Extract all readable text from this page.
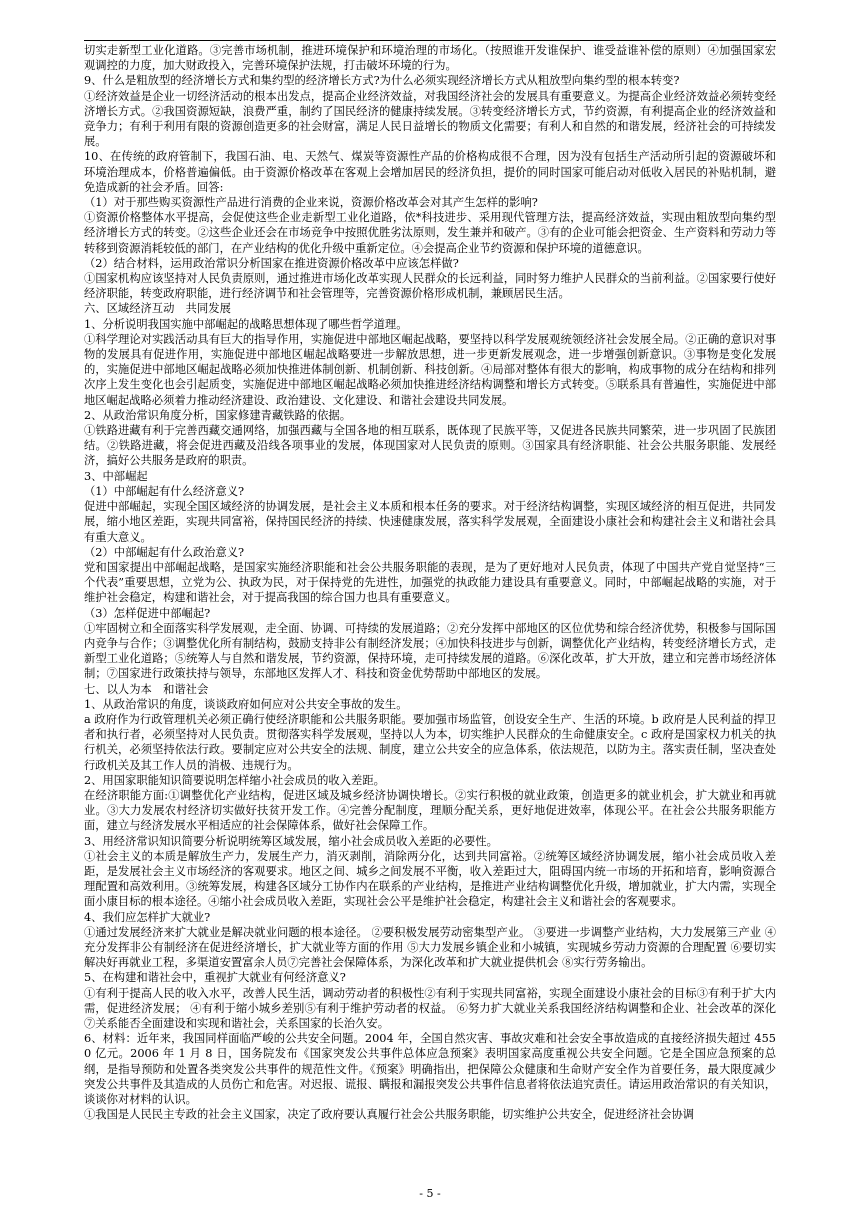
切实走新型工业化道路。③完善市场机制，推进环境保护和环境治理的市场化。（按照谁开发谁保护、谁受益谁补偿的原则）④加强国家宏观调控的力度，加大财政投入，完善环境保护法规，打击破坏环境的行为。

9、什么是粗放型的经济增长方式和集约型的经济增长方式?为什么必须实现经济增长方式从粗放型向集约型的根本转变?

①经济效益是企业一切经济活动的根本出发点，提高企业经济效益，对我国经济社会的发展具有重要意义。为提高企业经济效益必须转变经济增长方式。②我国资源短缺，浪费严重，制约了国民经济的健康持续发展。③转变经济增长方式，节约资源，有利提高企业的经济效益和竞争力；有利于利用有限的资源创造更多的社会财富，满足人民日益增长的物质文化需要；有利人和自然的和谐发展，经济社会的可持续发展。

10、在传统的政府管制下，我国石油、电、天然气、煤炭等资源性产品的价格构成很不合理，因为没有包括生产活动所引起的资源破坏和环境治理成本，价格普遍偏低。由于资源价格改革在客观上会增加居民的经济负担，提价的同时国家可能启动对低收入居民的补贴机制，避免造成新的社会矛盾。回答:

（1）对于那些购买资源性产品进行消费的企业来说，资源价格改革会对其产生怎样的影响?

①资源价格整体水平提高，会促使这些企业走新型工业化道路，依*科技进步、采用现代管理方法，提高经济效益，实现由粗放型向集约型经济增长方式的转变。②这些企业还会在市场竞争中按照优胜劣汰原则，发生兼并和破产。③有的企业可能会把资金、生产资料和劳动力等转移到资源消耗较低的部门，在产业结构的优化升级中重新定位。④会提高企业节约资源和保护环境的道德意识。

（2）结合材料，运用政治常识分析国家在推进资源价格改革中应该怎样做?

①国家机构应该坚持对人民负责原则，通过推进市场化改革实现人民群众的长远利益，同时努力维护人民群众的当前利益。②国家要行使好经济职能，转变政府职能，进行经济调节和社会管理等，完善资源价格形成机制，兼顾居民生活。

六、区域经济互动　共同发展

1、分析说明我国实施中部崛起的战略思想体现了哪些哲学道理。

①科学理论对实践活动具有巨大的指导作用，实施促进中部地区崛起战略，要坚持以科学发展观统领经济社会发展全局。②正确的意识对事物的发展具有促进作用，实施促进中部地区崛起战略要进一步解放思想，进一步更新发展观念，进一步增强创新意识。③事物是变化发展的，实施促进中部地区崛起战略必须加快推进体制创新、机制创新、科技创新。④局部对整体有很大的影响，构成事物的成分在结构和排列次序上发生变化也会引起质变，实施促进中部地区崛起战略必须加快推进经济结构调整和增长方式转变。⑤联系具有普遍性，实施促进中部地区崛起战略必须着力推动经济建设、政治建设、文化建设、和谐社会建设共同发展。

2、从政治常识角度分析，国家修建青藏铁路的依据。

①铁路进藏有利于完善西藏交通网络，加强西藏与全国各地的相互联系，既体现了民族平等，又促进各民族共同繁荣，进一步巩固了民族团结。②铁路进藏，将会促进西藏及沿线各项事业的发展，体现国家对人民负责的原则。③国家具有经济职能、社会公共服务职能、发展经济，搞好公共服务是政府的职责。

3、中部崛起

（1）中部崛起有什么经济意义?

促进中部崛起，实现全国区域经济的协调发展，是社会主义本质和根本任务的要求。对于经济结构调整，实现区域经济的相互促进，共同发展，缩小地区差距，实现共同富裕，保持国民经济的持续、快速健康发展，落实科学发展观，全面建设小康社会和构建社会主义和谐社会具有重大意义。

（2）中部崛起有什么政治意义?

党和国家提出中部崛起战略，是国家实施经济职能和社会公共服务职能的表现，是为了更好地对人民负责，体现了中国共产党自觉坚持“三个代表”重要思想，立党为公、执政为民，对于保持党的先进性，加强党的执政能力建设具有重要意义。同时，中部崛起战略的实施，对于维护社会稳定，构建和谐社会，对于提高我国的综合国力也具有重要意义。

（3）怎样促进中部崛起?

①牢固树立和全面落实科学发展观，走全面、协调、可持续的发展道路；②充分发挥中部地区的区位优势和综合经济优势，积极参与国际国内竞争与合作；③调整优化所有制结构，鼓励支持非公有制经济发展；④加快科技进步与创新，调整优化产业结构，转变经济增长方式，走新型工业化道路；⑤统筹人与自然和谐发展，节约资源，保持环境，走可持续发展的道路。⑥深化改革，扩大开放，建立和完善市场经济体制；⑦国家进行政策扶持与领导，东部地区发挥人才、科技和资金优势帮助中部地区的发展。

七、以人为本　和谐社会

1、从政治常识的角度，谈谈政府如何应对公共安全事故的发生。

a 政府作为行政管理机关必须正确行使经济职能和公共服务职能。要加强市场监管，创设安全生产、生活的环境。b 政府是人民利益的捍卫者和执行者，必须坚持对人民负责。贯彻落实科学发展观，坚持以人为本，切实维护人民群众的生命健康安全。c 政府是国家权力机关的执行机关，必须坚持依法行政。要制定应对公共安全的法规、制度，建立公共安全的应急体系，依法规范，以防为主。落实责任制，坚决查处行政机关及其工作人员的消极、违规行为。

2、用国家职能知识简要说明怎样缩小社会成员的收入差距。

在经济职能方面:①调整优化产业结构，促进区域及城乡经济协调快增长。②实行积极的就业政策，创造更多的就业机会，扩大就业和再就业。③大力发展农村经济切实做好扶贫开发工作。④完善分配制度，理顺分配关系，更好地促进效率，体现公平。在社会公共服务职能方面，建立与经济发展水平相适应的社会保障体系，做好社会保障工作。

3、用经济常识知识简要分析说明统筹区域发展，缩小社会成员收入差距的必要性。

①社会主义的本质是解放生产力，发展生产力，消灭剥削，消除两分化，达到共同富裕。②统筹区域经济协调发展，缩小社会成员收入差距，是发展社会主义市场经济的客观要求。地区之间、城乡之间发展不平衡，收入差距过大，阻碍国内统一市场的开拓和培育，影响资源合理配置和高效利用。③统筹发展，构建各区域分工协作内在联系的产业结构，是推进产业结构调整优化升级，增加就业，扩大内需，实现全面小康目标的根本途径。④缩小社会成员收入差距，实现社会公平是维护社会稳定，构建社会主义和谐社会的客观要求。

4、我们应怎样扩大就业?

①通过发展经济来扩大就业是解决就业问题的根本途径。 ②要积极发展劳动密集型产业。 ③要进一步调整产业结构，大力发展第三产业 ④充分发挥非公有制经济在促进经济增长，扩大就业等方面的作用 ⑤大力发展乡镇企业和小城镇，实现城乡劳动力资源的合理配置 ⑥要切实解决好再就业工程，多渠道安置富余人员⑦完善社会保障体系，为深化改革和扩大就业提供机会 ⑧实行劳务输出。

5、在构建和谐社会中，重视扩大就业有何经济意义?

①有利于提高人民的收入水平，改善人民生活，调动劳动者的积极性②有利于实现共同富裕，实现全面建设小康社会的目标③有利于扩大内需，促进经济发展； ④有利于缩小城乡差别⑤有利于维护劳动者的权益。 ⑥努力扩大就业关系我国经济结构调整和企业、社会改革的深化 ⑦关系能否全面建设和实现和谐社会，关系国家的长治久安。

6、材料：近年来，我国同样面临严峻的公共安全问题。2004 年，全国自然灾害、事故灾难和社会安全事故造成的直接经济损失超过 4550 亿元。2006 年 1 月 8 日，国务院发布《国家突发公共事件总体应急预案》表明国家高度重视公共安全问题。它是全国应急预案的总纲，是指导预防和处置各类突发公共事件的规范性文件。《预案》明确指出，把保障公众健康和生命财产安全作为首要任务，最大限度减少突发公共事件及其造成的人员伤亡和危害。对迟报、谎报、瞒报和漏报突发公共事件信息者将依法追究责任。请运用政治常识的有关知识，谈谈你对材料的认识。

①我国是人民民主专政的社会主义国家，决定了政府要认真履行社会公共服务职能，切实维护公共安全，促进经济社会协调

- 5 -
